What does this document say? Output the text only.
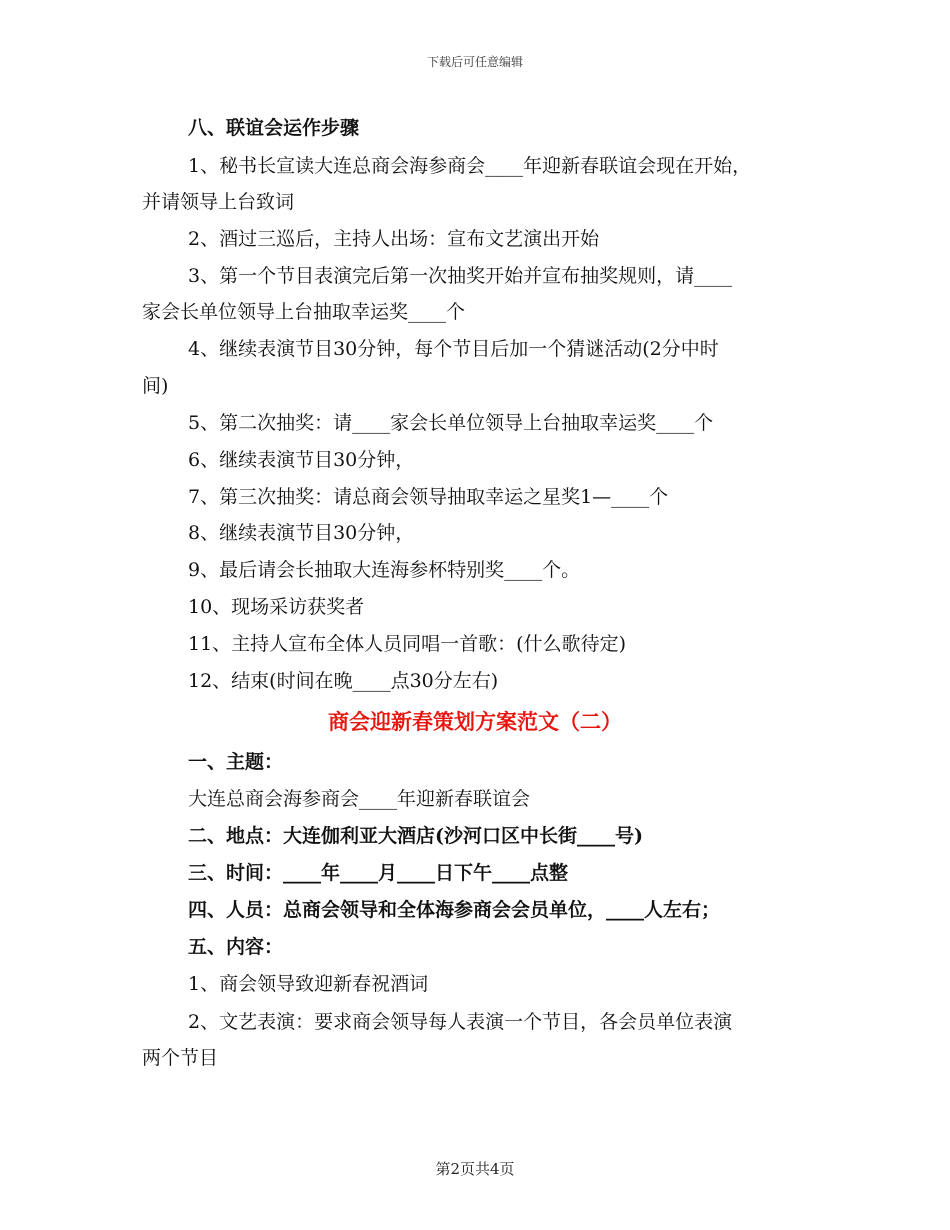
下载后可任意编辑
八、联谊会运作步骤
1、秘书长宣读大连总商会海参商会____年迎新春联谊会现在开始，
并请领导上台致词
2、酒过三巡后，主持人出场：宣布文艺演出开始
3、第一个节目表演完后第一次抽奖开始并宣布抽奖规则，请____
家会长单位领导上台抽取幸运奖____个
4、继续表演节目30分钟，每个节目后加一个猜谜活动(2分中时
间)
5、第二次抽奖：请____家会长单位领导上台抽取幸运奖____个
6、继续表演节目30分钟，
7、第三次抽奖：请总商会领导抽取幸运之星奖1—____个
8、继续表演节目30分钟，
9、最后请会长抽取大连海参杯特别奖____个。
10、现场采访获奖者
11、主持人宣布全体人员同唱一首歌：(什么歌待定)
12、结束(时间在晚____点30分左右)
商会迎新春策划方案范文（二）
一、主题：
大连总商会海参商会____年迎新春联谊会
二、地点：大连伽利亚大酒店(沙河口区中长街____号)
三、时间：____年____月____日下午____点整
四、人员：总商会领导和全体海参商会会员单位，____人左右；
五、内容：
1、商会领导致迎新春祝酒词
2、文艺表演：要求商会领导每人表演一个节目，各会员单位表演
两个节目
第2页共4页
